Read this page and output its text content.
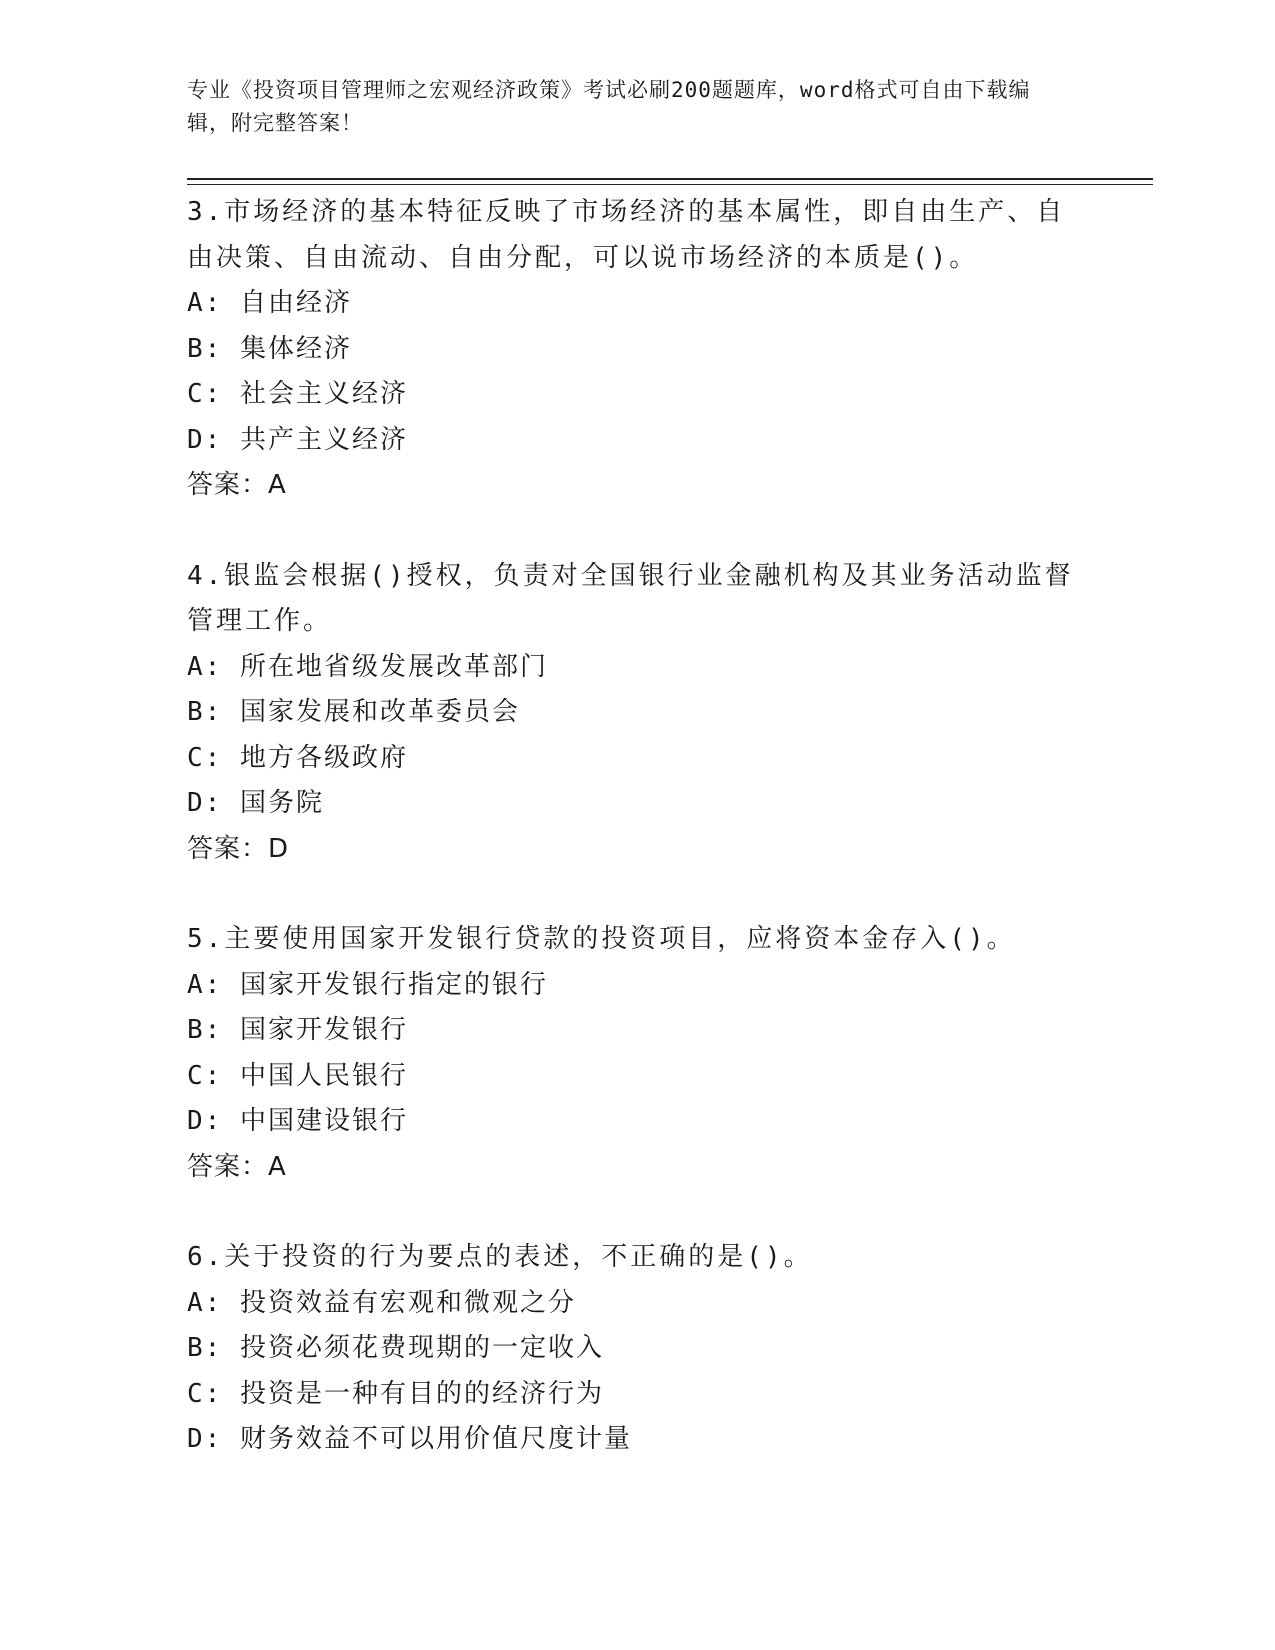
专业《投资项目管理师之宏观经济政策》考试必刷200题题库，word格式可自由下载编辑，附完整答案！
3.市场经济的基本特征反映了市场经济的基本属性，即自由生产、自由决策、自由流动、自由分配，可以说市场经济的本质是()。
A: 自由经济
B: 集体经济
C: 社会主义经济
D: 共产主义经济
答案：A
4.银监会根据()授权，负责对全国银行业金融机构及其业务活动监督管理工作。
A: 所在地省级发展改革部门
B: 国家发展和改革委员会
C: 地方各级政府
D: 国务院
答案：D
5.主要使用国家开发银行贷款的投资项目，应将资本金存入()。
A: 国家开发银行指定的银行
B: 国家开发银行
C: 中国人民银行
D: 中国建设银行
答案：A
6.关于投资的行为要点的表述，不正确的是()。
A: 投资效益有宏观和微观之分
B: 投资必须花费现期的一定收入
C: 投资是一种有目的的经济行为
D: 财务效益不可以用价值尺度计量
